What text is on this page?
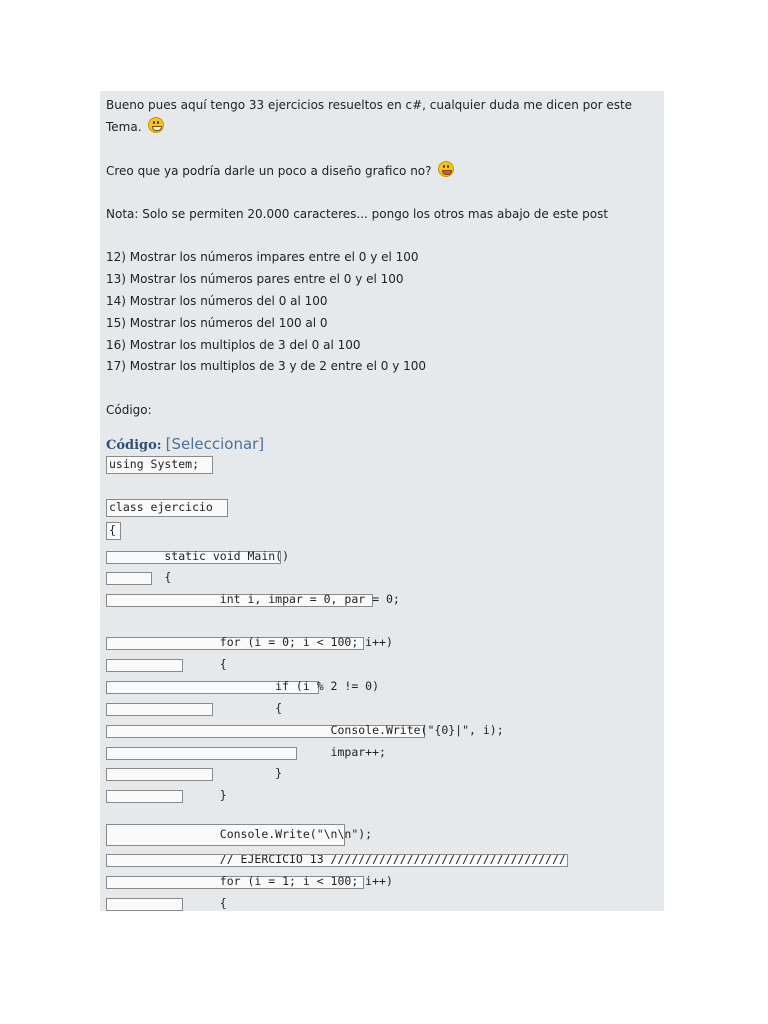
Bueno pues aquí tengo 33 ejercicios resueltos en c#, cualquier duda me dicen por este
Tema.
Creo que ya podría darle un poco a diseño grafico no?
Nota: Solo se permiten 20.000 caracteres... pongo los otros mas abajo de este post
12) Mostrar los números impares entre el 0 y el 100
13) Mostrar los números pares entre el 0 y el 100
14) Mostrar los números del 0 al 100
15) Mostrar los números del 100 al 0
16) Mostrar los multiplos de 3 del 0 al 100
17) Mostrar los multiplos de 3 y de 2 entre el 0 y 100
Código:
Código: [Seleccionar]
using System;
class ejercicio
{
static void Main()
{
int i, impar = 0, par = 0;
for (i = 0; i < 100; i++)
{
if (i % 2 != 0)
{
Console.Write("{0}|", i);
impar++;
}
}
Console.Write("\n\n");
// EJERCICIO 13 //////////////////////////////////
for (i = 1; i < 100; i++)
{
